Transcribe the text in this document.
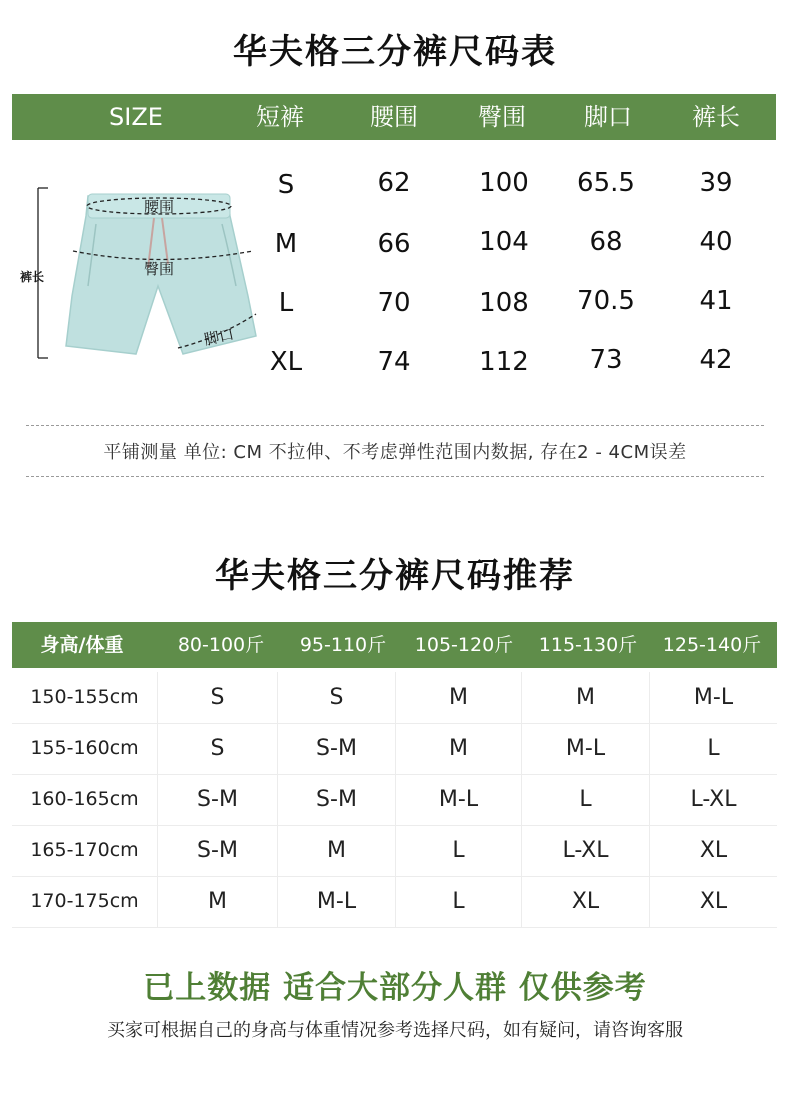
华夫格三分裤尺码表
SIZE	短裤	腰围	臀围	脚口	裤长
裤长
腰围
臀围
脚口
S	62	100	65.5	39
M	66	104	68	40
L	70	108	70.5	41
XL	74	112	73	42
平铺测量 单位: CM 不拉伸、不考虑弹性范围内数据, 存在2 - 4CM误差
华夫格三分裤尺码推荐
身高/体重	80-100斤	95-110斤	105-120斤	115-130斤	125-140斤
150-155cm	S	S	M	M	M-L
155-160cm	S	S-M	M	M-L	L
160-165cm	S-M	S-M	M-L	L	L-XL
165-170cm	S-M	M	L	L-XL	XL
170-175cm	M	M-L	L	XL	XL
已上数据 适合大部分人群 仅供参考
买家可根据自己的身高与体重情况参考选择尺码，如有疑问，请咨询客服
